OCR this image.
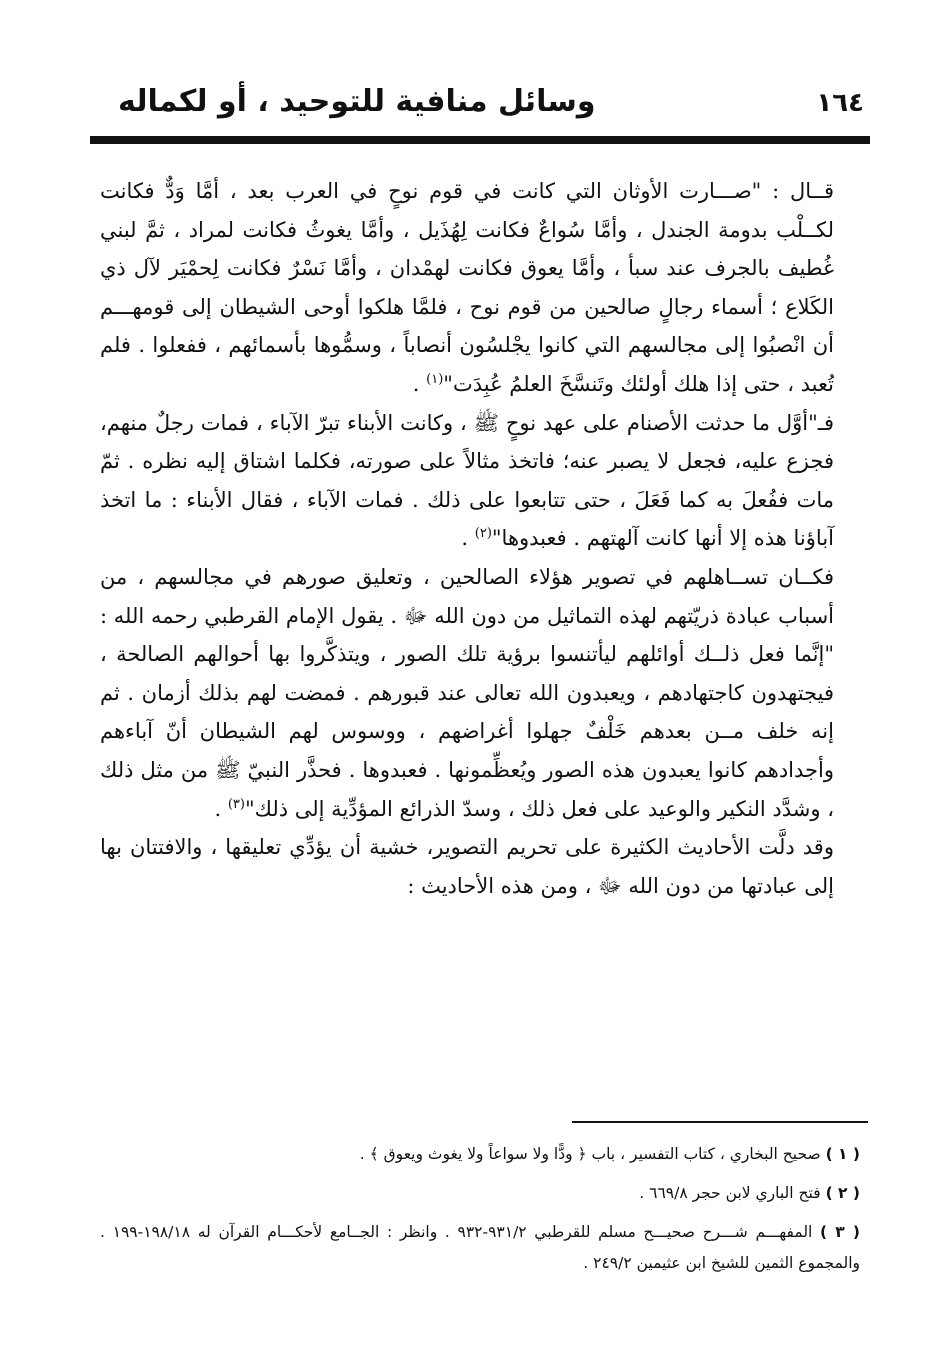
١٦٤
وسائل منافية للتوحيد ، أو لكماله

قــال : "صـــارت الأوثان التي كانت في قوم نوحٍ في العرب بعد ، أمَّا وَدٌّ فكانت لكــلْب بدومة الجندل ، وأمَّا سُواعٌ فكانت لِهُذَيل ، وأمَّا يغوثُ فكانت لمراد ، ثمَّ لبني غُطيف بالجرف عند سبأ ، وأمَّا يعوق فكانت لهمْدان ، وأمَّا نَسْرٌ فكانت لِحمْيَر لآل ذي الكَلاع ؛ أسماء رجالٍ صالحين من قوم نوح ، فلمَّا هلكوا أوحى الشيطان إلى قومهـــم أن انْصبُوا إلى مجالسهم التي كانوا يجْلسُون أنصاباً ، وسمُّوها بأسمائهم ، ففعلوا . فلم تُعبد ، حتى إذا هلك أولئك وتَنسَّخَ العلمُ عُبِدَت"$^{(١)}$ .

فـ"أوَّل ما حدثت الأصنام على عهد نوحٍ ﷺ ، وكانت الأبناء تبرّ الآباء ، فمات رجلٌ منهم، فجزع عليه، فجعل لا يصبر عنه؛ فاتخذ مثالاً على صورته، فكلما اشتاق إليه نظره . ثمّ مات ففُعلَ به كما فَعَلَ ، حتى تتابعوا على ذلك . فمات الآباء ، فقال الأبناء : ما اتخذ آباؤنا هذه إلا أنها كانت آلهتهم . فعبدوها"$^{(٢)}$ .

فكــان تســاهلهم في تصوير هؤلاء الصالحين ، وتعليق صورهم في مجالسهم ، من أسباب عبادة ذريّتهم لهذه التماثيل من دون الله ﷻ . يقول الإمام القرطبي رحمه الله : "إنَّما فعل ذلــك أوائلهم ليأتنسوا برؤية تلك الصور ، ويتذكَّروا بها أحوالهم الصالحة ، فيجتهدون كاجتهادهم ، ويعبدون الله تعالى عند قبورهم . فمضت لهم بذلك أزمان . ثم إنه خلف مــن بعدهم خَلْفٌ جهلوا أغراضهم ، ووسوس لهم الشيطان أنّ آباءهم وأجدادهم كانوا يعبدون هذه الصور ويُعظِّمونها . فعبدوها . فحذَّر النبيّ ﷺ من مثل ذلك ، وشدَّد النكير والوعيد على فعل ذلك ، وسدّ الذرائع المؤدِّية إلى ذلك"$^{(٣)}$ .

وقد دلَّت الأحاديث الكثيرة على تحريم التصوير، خشية أن يؤدِّي تعليقها ، والافتتان بها إلى عبادتها من دون الله ﷻ ، ومن هذه الأحاديث :

( ١ ) صحيح البخاري ، كتاب التفسير ، باب ﴿ ودًّا ولا سواعاً ولا يغوث ويعوق ﴾ .

( ٢ ) فتح الباري لابن حجر ٦٦٩/٨ .

( ٣ ) المفهـــم شـــرح صحيـــح مسلم للقرطبي ٩٣١/٢-٩٣٢ . وانظر : الجــامع لأحكـــام القرآن له ١٩٨/١٨-١٩٩ . والمجموع الثمين للشيخ ابن عثيمين ٢٤٩/٢ .
